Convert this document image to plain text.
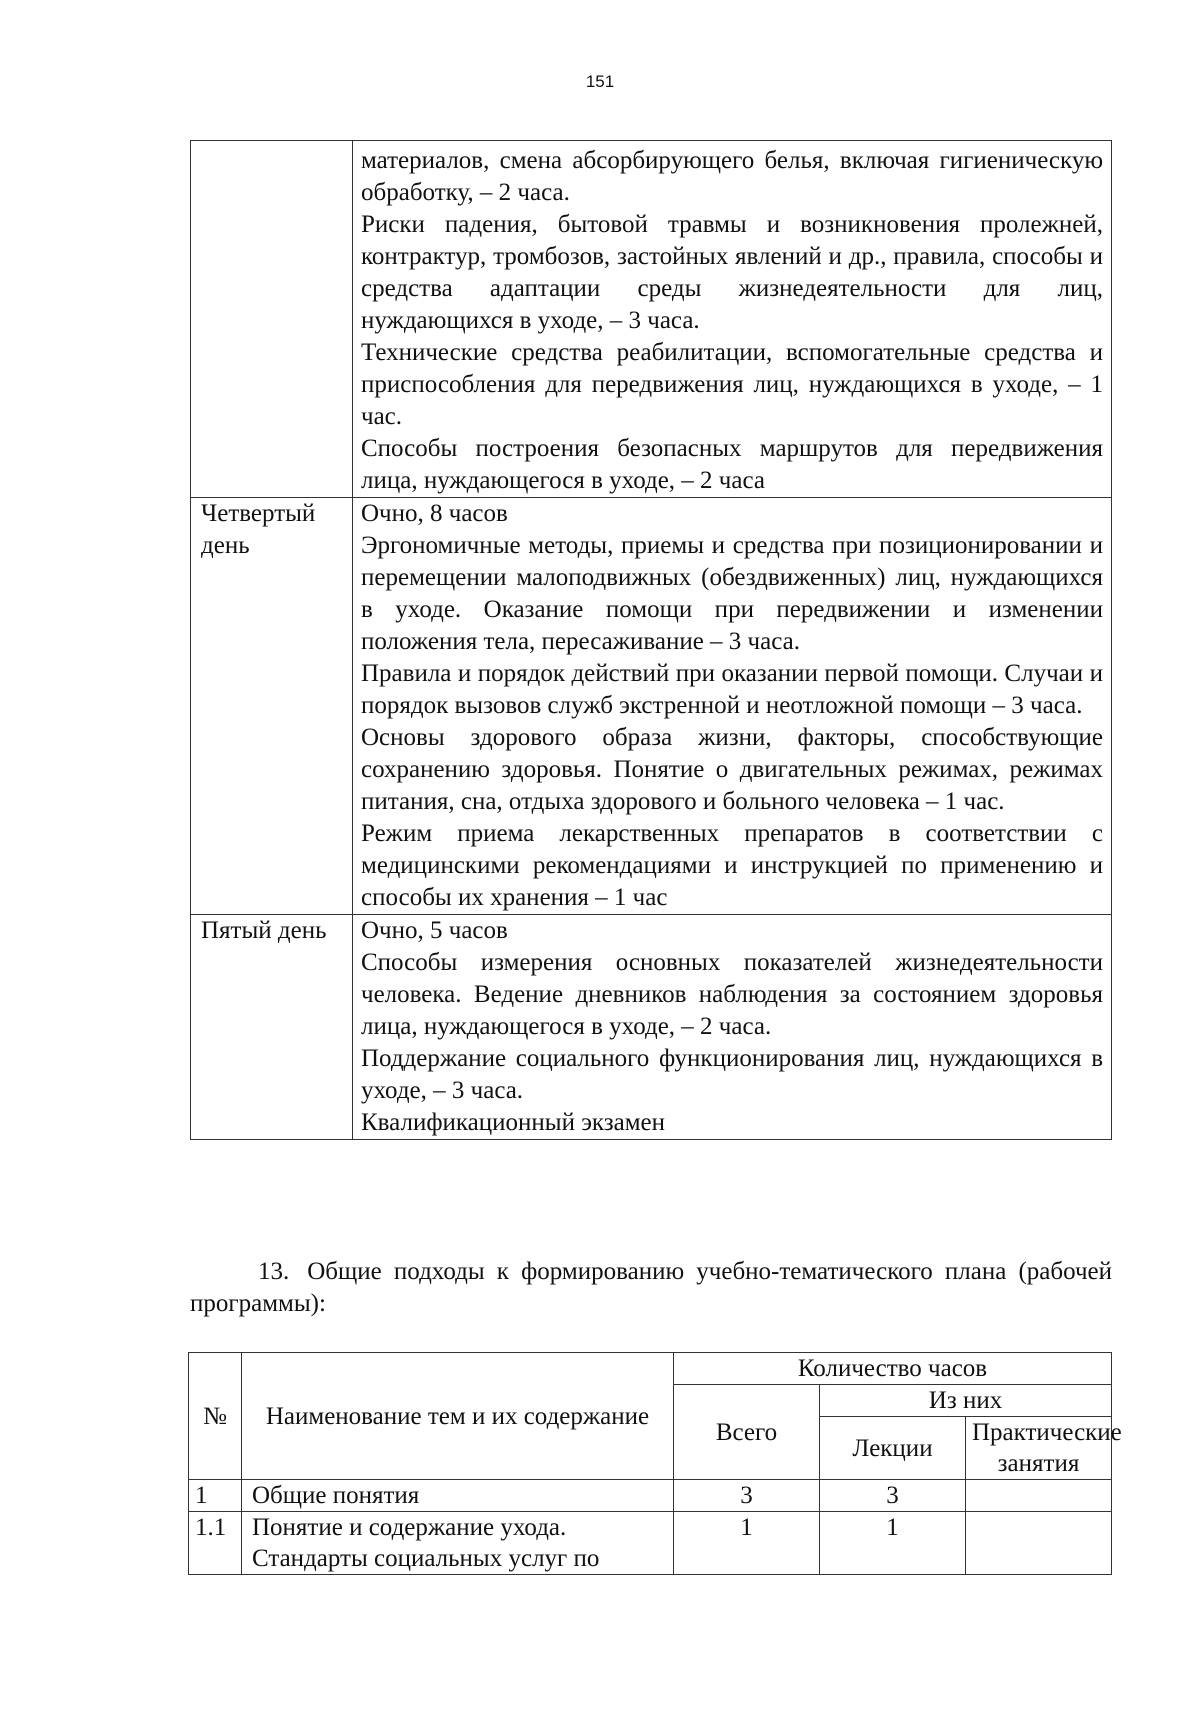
151

	материалов, смена абсорбирующего белья, включая гигиеническую обработку, – 2 часа.

Риски падения, бытовой травмы и возникновения пролежней, контрактур, тромбозов, застойных явлений и др., правила, способы и средства адаптации среды жизнедеятельности для лиц, нуждающихся в уходе, – 3 часа.

Технические средства реабилитации, вспомогательные средства и приспособления для передвижения лиц, нуждающихся в уходе, – 1 час.

Способы построения безопасных маршрутов для передвижения лица, нуждающегося в уходе, – 2 часа

Четвертый день	Очно, 8 часов

Эргономичные методы, приемы и средства при позиционировании и перемещении малоподвижных (обездвиженных) лиц, нуждающихся в уходе. Оказание помощи при передвижении и изменении положения тела, пересаживание – 3 часа.

Правила и порядок действий при оказании первой помощи. Случаи и порядок вызовов служб экстренной и неотложной помощи – 3 часа.

Основы здорового образа жизни, факторы, способствующие сохранению здоровья. Понятие о двигательных режимах, режимах питания, сна, отдыха здорового и больного человека – 1 час.

Режим приема лекарственных препаратов в соответствии с медицинскими рекомендациями и инструкцией по применению и способы их хранения – 1 час

Пятый день	Очно, 5 часов

Способы измерения основных показателей жизнедеятельности человека. Ведение дневников наблюдения за состоянием здоровья лица, нуждающегося в уходе, – 2 часа.

Поддержание социального функционирования лиц, нуждающихся в уходе, – 3 часа.

Квалификационный экзамен

13. Общие подходы к формированию учебно-тематического плана (рабочей программы):

№	Наименование тем и их содержание	Количество часов		
		Всего	Из них	
			Лекции	Практические занятия
1	Общие понятия	3	3	
1.1	Понятие и содержание ухода. Стандарты социальных услуг по	1	1	
